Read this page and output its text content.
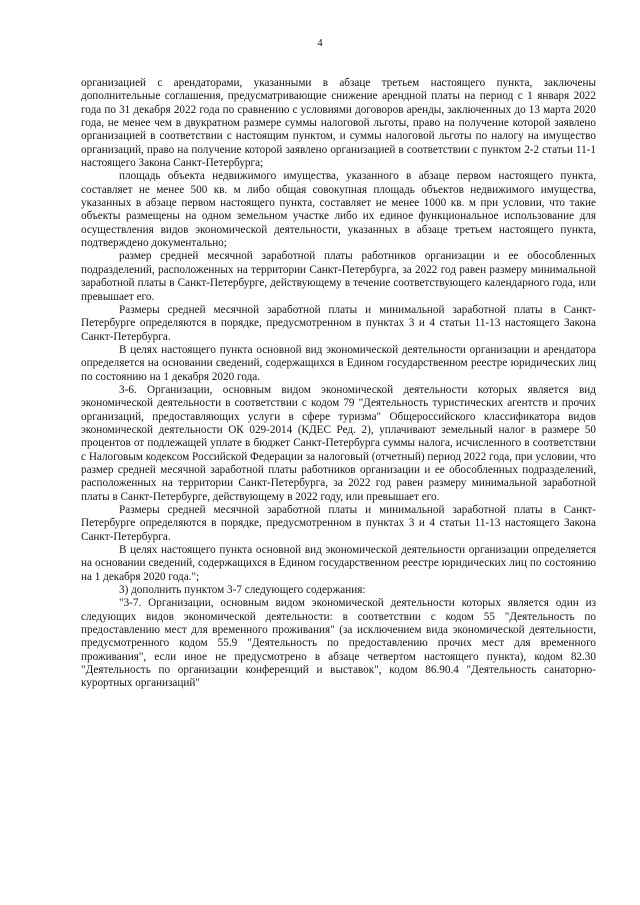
4

организацией с арендаторами, указанными в абзаце третьем настоящего пункта, заключены дополнительные соглашения, предусматривающие снижение арендной платы на период с 1 января 2022 года по 31 декабря 2022 года по сравнению с условиями договоров аренды, заключенных до 13 марта 2020 года, не менее чем в двукратном размере суммы налоговой льготы, право на получение которой заявлено организацией в соответствии с настоящим пунктом, и суммы налоговой льготы по налогу на имущество организаций, право на получение которой заявлено организацией в соответствии с пунктом 2-2 статьи 11-1 настоящего Закона Санкт-Петербурга;

площадь объекта недвижимого имущества, указанного в абзаце первом настоящего пункта, составляет не менее 500 кв. м либо общая совокупная площадь объектов недвижимого имущества, указанных в абзаце первом настоящего пункта, составляет не менее 1000 кв. м при условии, что такие объекты размещены на одном земельном участке либо их единое функциональное использование для осуществления видов экономической деятельности, указанных в абзаце третьем настоящего пункта, подтверждено документально;

размер средней месячной заработной платы работников организации и ее обособленных подразделений, расположенных на территории Санкт-Петербурга, за 2022 год равен размеру минимальной заработной платы в Санкт-Петербурге, действующему в течение соответствующего календарного года, или превышает его.

Размеры средней месячной заработной платы и минимальной заработной платы в Санкт-Петербурге определяются в порядке, предусмотренном в пунктах 3 и 4 статьи 11-13 настоящего Закона Санкт-Петербурга.

В целях настоящего пункта основной вид экономической деятельности организации и арендатора определяется на основании сведений, содержащихся в Едином государственном реестре юридических лиц по состоянию на 1 декабря 2020 года.

3-6. Организации, основным видом экономической деятельности которых является вид экономической деятельности в соответствии с кодом 79 "Деятельность туристических агентств и прочих организаций, предоставляющих услуги в сфере туризма" Общероссийского классификатора видов экономической деятельности ОК 029-2014 (КДЕС Ред. 2), уплачивают земельный налог в размере 50 процентов от подлежащей уплате в бюджет Санкт-Петербурга суммы налога, исчисленного в соответствии с Налоговым кодексом Российской Федерации за налоговый (отчетный) период 2022 года, при условии, что размер средней месячной заработной платы работников организации и ее обособленных подразделений, расположенных на территории Санкт-Петербурга, за 2022 год равен размеру минимальной заработной платы в Санкт-Петербурге, действующему в 2022 году, или превышает его.

Размеры средней месячной заработной платы и минимальной заработной платы в Санкт-Петербурге определяются в порядке, предусмотренном в пунктах 3 и 4 статьи 11-13 настоящего Закона Санкт-Петербурга.

В целях настоящего пункта основной вид экономической деятельности организации определяется на основании сведений, содержащихся в Едином государственном реестре юридических лиц по состоянию на 1 декабря 2020 года.";

3) дополнить пунктом 3-7 следующего содержания:

"3-7. Организации, основным видом экономической деятельности которых является один из следующих видов экономической деятельности: в соответствии с кодом 55 "Деятельность по предоставлению мест для временного проживания" (за исключением вида экономической деятельности, предусмотренного кодом 55.9 "Деятельность по предоставлению прочих мест для временного проживания", если иное не предусмотрено в абзаце четвертом настоящего пункта), кодом 82.30 "Деятельность по организации конференций и выставок", кодом 86.90.4 "Деятельность санаторно-курортных организаций"
